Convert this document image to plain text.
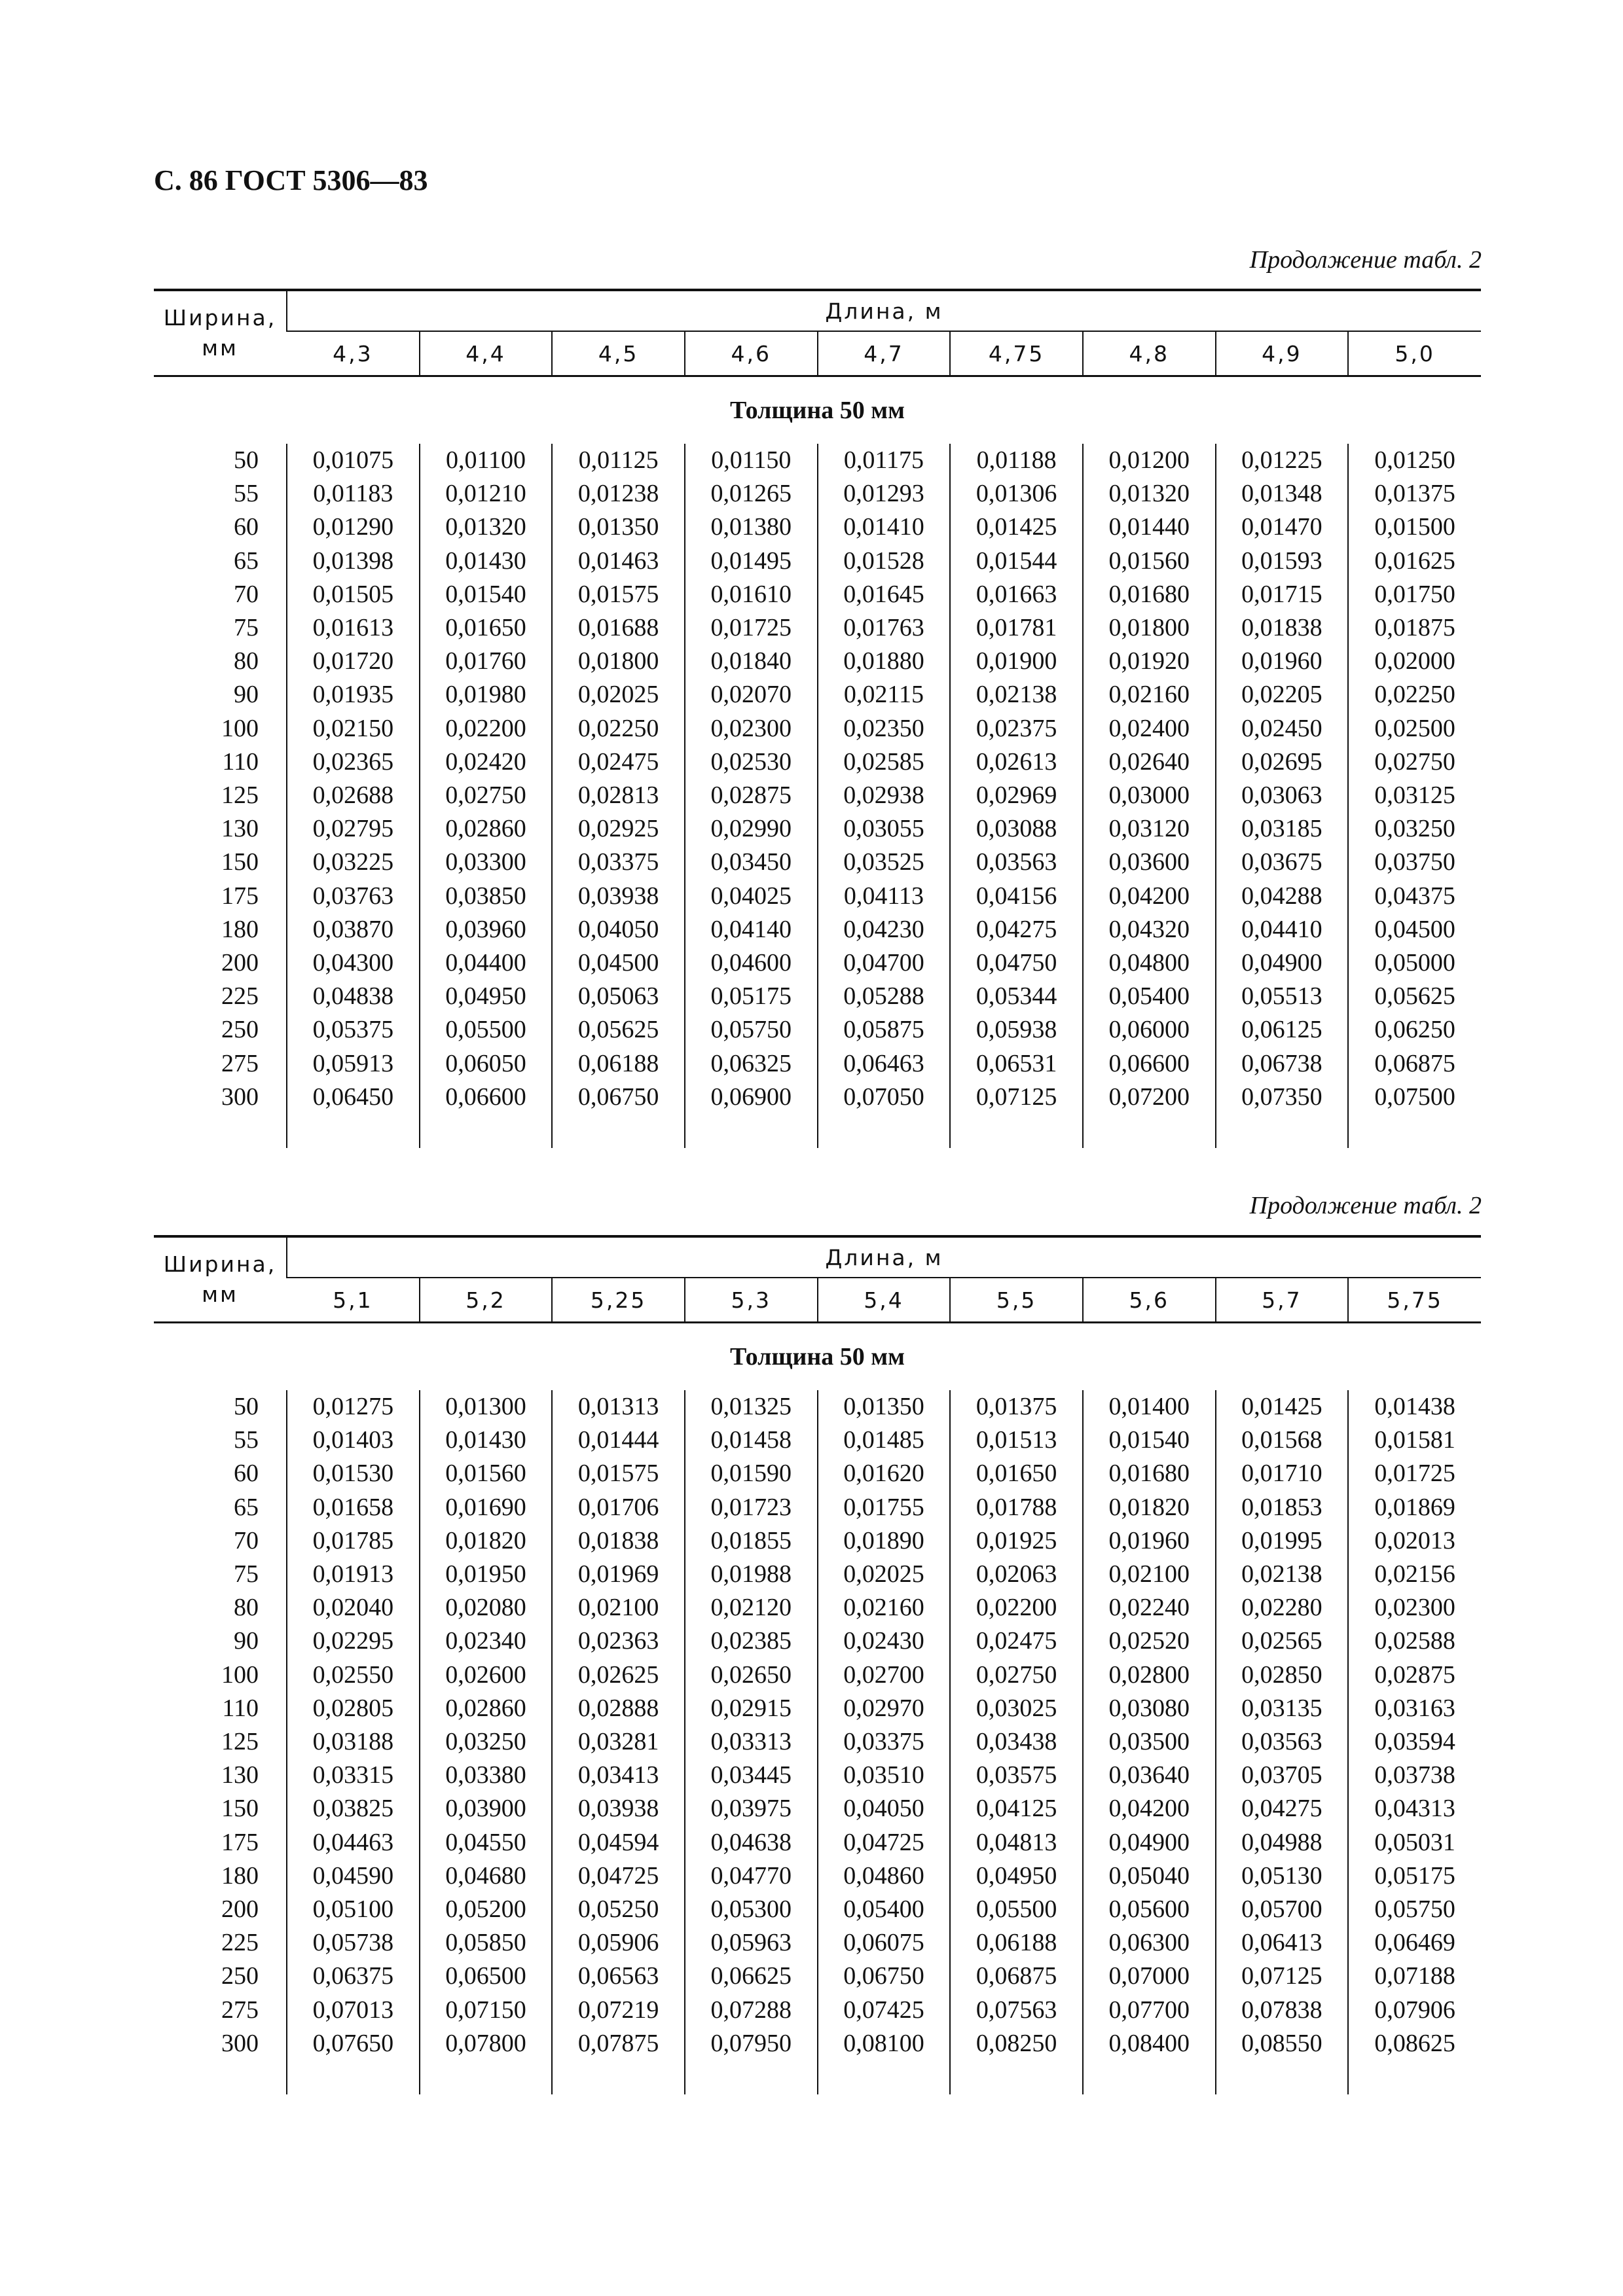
С. 86 ГОСТ 5306—83
Продолжение табл. 2
Ширина, мм	Длина, м								
	4,3	4,4	4,5	4,6	4,7	4,75	4,8	4,9	5,0
Толщина 50 мм									
50	0,01075	0,01100	0,01125	0,01150	0,01175	0,01188	0,01200	0,01225	0,01250
55	0,01183	0,01210	0,01238	0,01265	0,01293	0,01306	0,01320	0,01348	0,01375
60	0,01290	0,01320	0,01350	0,01380	0,01410	0,01425	0,01440	0,01470	0,01500
65	0,01398	0,01430	0,01463	0,01495	0,01528	0,01544	0,01560	0,01593	0,01625
70	0,01505	0,01540	0,01575	0,01610	0,01645	0,01663	0,01680	0,01715	0,01750
75	0,01613	0,01650	0,01688	0,01725	0,01763	0,01781	0,01800	0,01838	0,01875
80	0,01720	0,01760	0,01800	0,01840	0,01880	0,01900	0,01920	0,01960	0,02000
90	0,01935	0,01980	0,02025	0,02070	0,02115	0,02138	0,02160	0,02205	0,02250
100	0,02150	0,02200	0,02250	0,02300	0,02350	0,02375	0,02400	0,02450	0,02500
110	0,02365	0,02420	0,02475	0,02530	0,02585	0,02613	0,02640	0,02695	0,02750
125	0,02688	0,02750	0,02813	0,02875	0,02938	0,02969	0,03000	0,03063	0,03125
130	0,02795	0,02860	0,02925	0,02990	0,03055	0,03088	0,03120	0,03185	0,03250
150	0,03225	0,03300	0,03375	0,03450	0,03525	0,03563	0,03600	0,03675	0,03750
175	0,03763	0,03850	0,03938	0,04025	0,04113	0,04156	0,04200	0,04288	0,04375
180	0,03870	0,03960	0,04050	0,04140	0,04230	0,04275	0,04320	0,04410	0,04500
200	0,04300	0,04400	0,04500	0,04600	0,04700	0,04750	0,04800	0,04900	0,05000
225	0,04838	0,04950	0,05063	0,05175	0,05288	0,05344	0,05400	0,05513	0,05625
250	0,05375	0,05500	0,05625	0,05750	0,05875	0,05938	0,06000	0,06125	0,06250
275	0,05913	0,06050	0,06188	0,06325	0,06463	0,06531	0,06600	0,06738	0,06875
300	0,06450	0,06600	0,06750	0,06900	0,07050	0,07125	0,07200	0,07350	0,07500

Продолжение табл. 2
Ширина, мм	Длина, м								
	5,1	5,2	5,25	5,3	5,4	5,5	5,6	5,7	5,75
Толщина 50 мм									
50	0,01275	0,01300	0,01313	0,01325	0,01350	0,01375	0,01400	0,01425	0,01438
55	0,01403	0,01430	0,01444	0,01458	0,01485	0,01513	0,01540	0,01568	0,01581
60	0,01530	0,01560	0,01575	0,01590	0,01620	0,01650	0,01680	0,01710	0,01725
65	0,01658	0,01690	0,01706	0,01723	0,01755	0,01788	0,01820	0,01853	0,01869
70	0,01785	0,01820	0,01838	0,01855	0,01890	0,01925	0,01960	0,01995	0,02013
75	0,01913	0,01950	0,01969	0,01988	0,02025	0,02063	0,02100	0,02138	0,02156
80	0,02040	0,02080	0,02100	0,02120	0,02160	0,02200	0,02240	0,02280	0,02300
90	0,02295	0,02340	0,02363	0,02385	0,02430	0,02475	0,02520	0,02565	0,02588
100	0,02550	0,02600	0,02625	0,02650	0,02700	0,02750	0,02800	0,02850	0,02875
110	0,02805	0,02860	0,02888	0,02915	0,02970	0,03025	0,03080	0,03135	0,03163
125	0,03188	0,03250	0,03281	0,03313	0,03375	0,03438	0,03500	0,03563	0,03594
130	0,03315	0,03380	0,03413	0,03445	0,03510	0,03575	0,03640	0,03705	0,03738
150	0,03825	0,03900	0,03938	0,03975	0,04050	0,04125	0,04200	0,04275	0,04313
175	0,04463	0,04550	0,04594	0,04638	0,04725	0,04813	0,04900	0,04988	0,05031
180	0,04590	0,04680	0,04725	0,04770	0,04860	0,04950	0,05040	0,05130	0,05175
200	0,05100	0,05200	0,05250	0,05300	0,05400	0,05500	0,05600	0,05700	0,05750
225	0,05738	0,05850	0,05906	0,05963	0,06075	0,06188	0,06300	0,06413	0,06469
250	0,06375	0,06500	0,06563	0,06625	0,06750	0,06875	0,07000	0,07125	0,07188
275	0,07013	0,07150	0,07219	0,07288	0,07425	0,07563	0,07700	0,07838	0,07906
300	0,07650	0,07800	0,07875	0,07950	0,08100	0,08250	0,08400	0,08550	0,08625
